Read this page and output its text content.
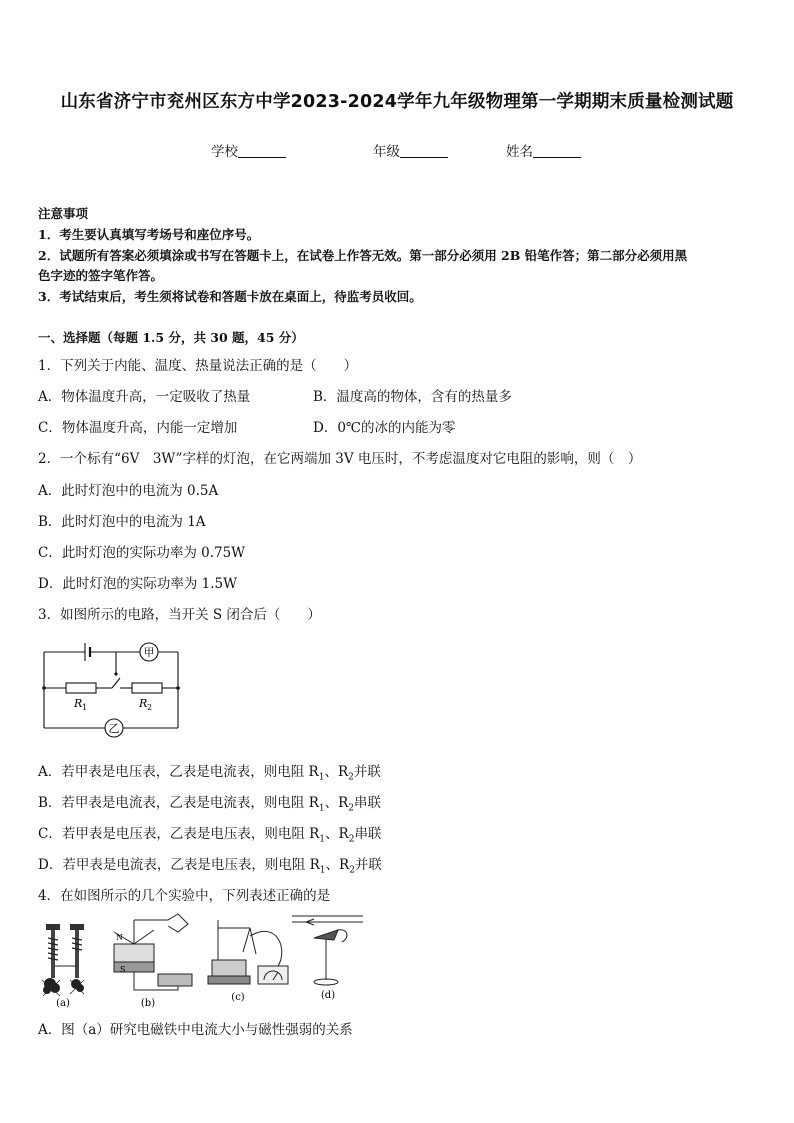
山东省济宁市兖州区东方中学2023-2024学年九年级物理第一学期期末质量检测试题
学校	年级	姓名
注意事项
1．考生要认真填写考场号和座位序号。
2．试题所有答案必须填涂或书写在答题卡上，在试卷上作答无效。第一部分必须用 2B 铅笔作答；第二部分必须用黑
色字迹的签字笔作答。
3．考试结束后，考生须将试卷和答题卡放在桌面上，待监考员收回。
一、选择题（每题 1.5 分，共 30 题，45 分）
1．下列关于内能、温度、热量说法正确的是（　　）
A．物体温度升高，一定吸收了热量	B．温度高的物体，含有的热量多
C．物体温度升高，内能一定增加	D．0℃的冰的内能为零
2．一个标有“6V　3W”字样的灯泡，在它两端加 3V 电压时，不考虑温度对它电阻的影响，则（　）
A．此时灯泡中的电流为 0.5A
B．此时灯泡中的电流为 1A
C．此时灯泡的实际功率为 0.75W
D．此时灯泡的实际功率为 1.5W
3．如图所示的电路，当开关 S 闭合后（　　）
甲
乙
R 1	R 2
A．若甲表是电压表，乙表是电流表，则电阻 $R_1$、$R_2$并联
B．若甲表是电流表，乙表是电流表，则电阻 $R_1$、$R_2$串联
C．若甲表是电压表，乙表是电压表，则电阻 $R_1$、$R_2$串联
D．若甲表是电流表，乙表是电压表，则电阻 $R_1$、$R_2$并联
4．在如图所示的几个实验中，下列表述正确的是
N
S
(a)	(b)
(c)	(d)
A．图（a）研究电磁铁中电流大小与磁性强弱的关系
